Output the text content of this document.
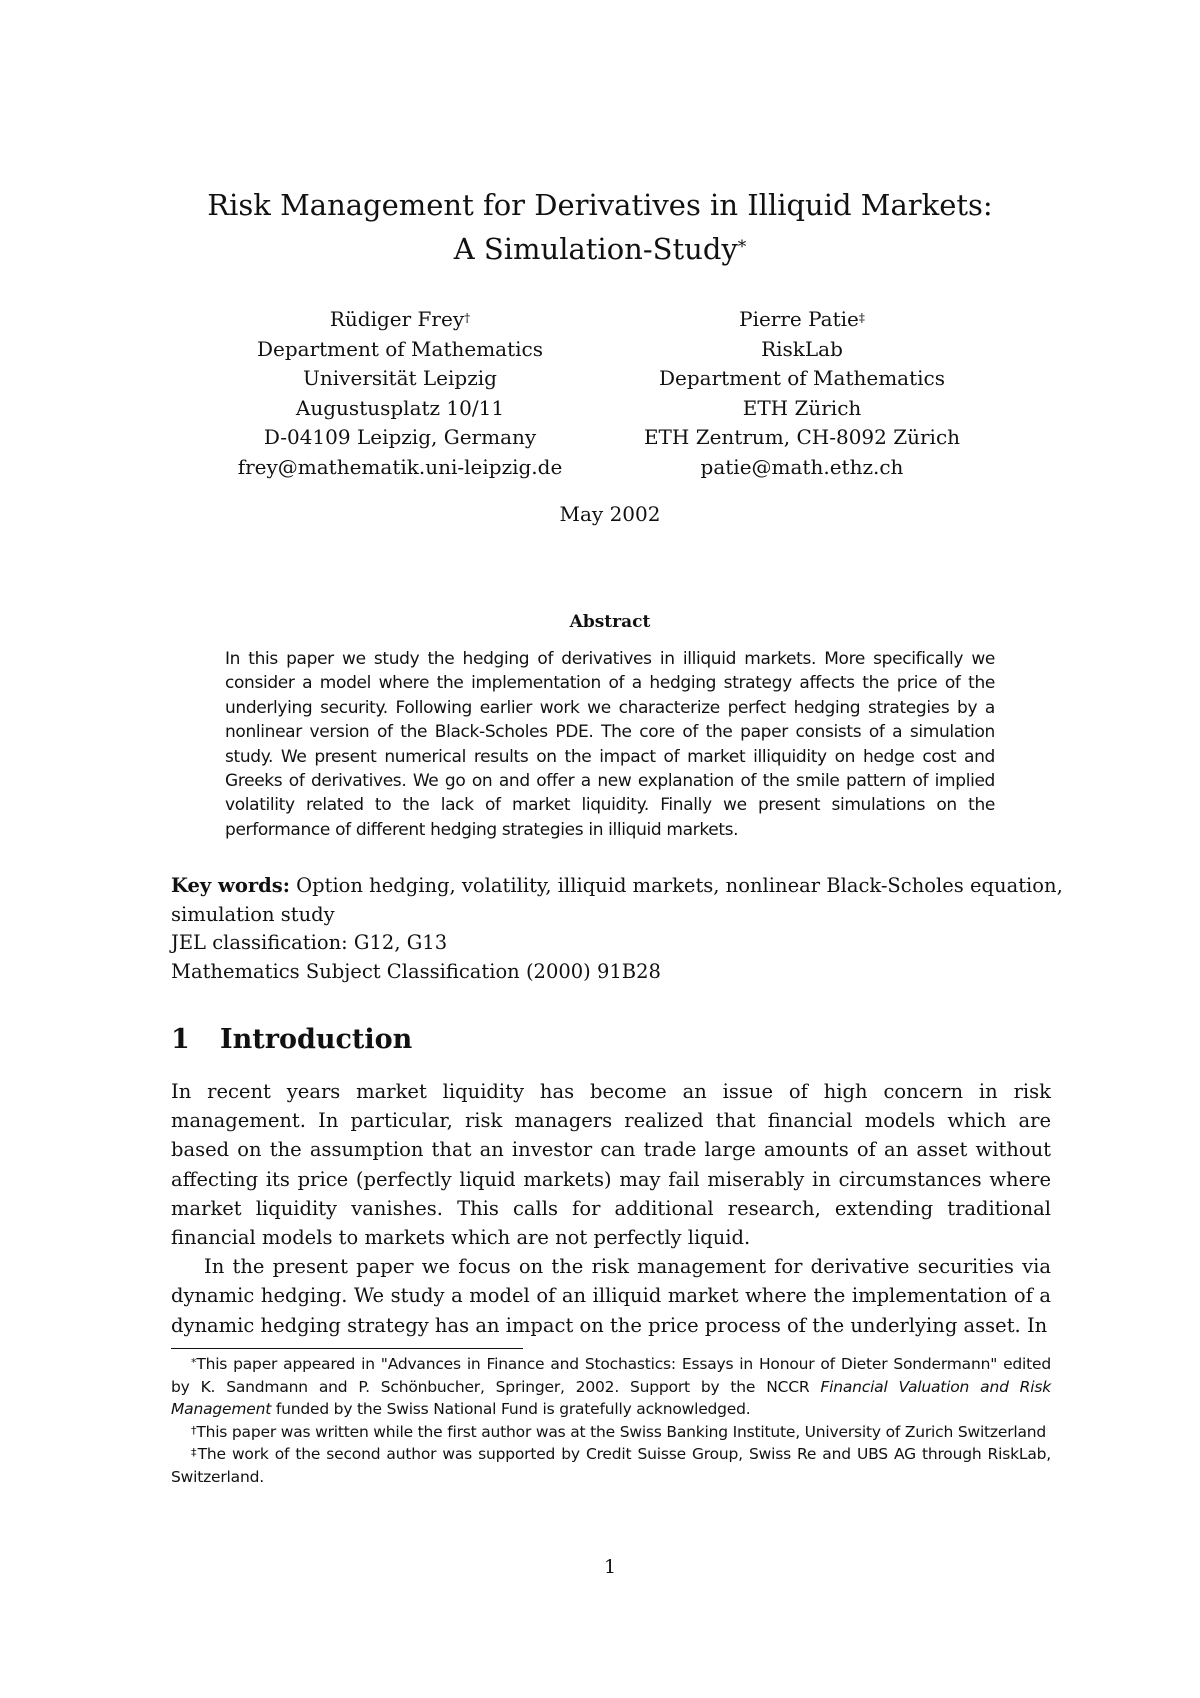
Risk Management for Derivatives in Illiquid Markets:
A Simulation-Study*
Rüdiger Frey†
Department of Mathematics
Universität Leipzig
Augustusplatz 10/11
D-04109 Leipzig, Germany
frey@mathematik.uni-leipzig.de
Pierre Patie‡
RiskLab
Department of Mathematics
ETH Zürich
ETH Zentrum, CH-8092 Zürich
patie@math.ethz.ch
May 2002
Abstract

In this paper we study the hedging of derivatives in illiquid markets. More specifically we consider a model where the implementation of a hedging strategy affects the price of the underlying security. Following earlier work we characterize perfect hedging strategies by a nonlinear version of the Black-Scholes PDE. The core of the paper consists of a simulation study. We present numerical results on the impact of market illiquidity on hedge cost and Greeks of derivatives. We go on and offer a new explanation of the smile pattern of implied volatility related to the lack of market liquidity. Finally we present simulations on the performance of different hedging strategies in illiquid markets.

Key words: Option hedging, volatility, illiquid markets, nonlinear Black-Scholes equation,
simulation study
JEL classification: G12, G13
Mathematics Subject Classification (2000) 91B28
1 Introduction

In recent years market liquidity has become an issue of high concern in risk management. In particular, risk managers realized that financial models which are based on the assumption that an investor can trade large amounts of an asset without affecting its price (perfectly liquid markets) may fail miserably in circumstances where market liquidity vanishes. This calls for additional research, extending traditional financial models to markets which are not perfectly liquid.

In the present paper we focus on the risk management for derivative securities via dynamic hedging. We study a model of an illiquid market where the implementation of a dynamic hedging strategy has an impact on the price process of the underlying asset. In

*This paper appeared in "Advances in Finance and Stochastics: Essays in Honour of Dieter Sondermann" edited by K. Sandmann and P. Schönbucher, Springer, 2002. Support by the NCCR Financial Valuation and Risk Management funded by the Swiss National Fund is gratefully acknowledged.

†This paper was written while the first author was at the Swiss Banking Institute, University of Zurich Switzerland

‡The work of the second author was supported by Credit Suisse Group, Swiss Re and UBS AG through RiskLab, Switzerland.

1
